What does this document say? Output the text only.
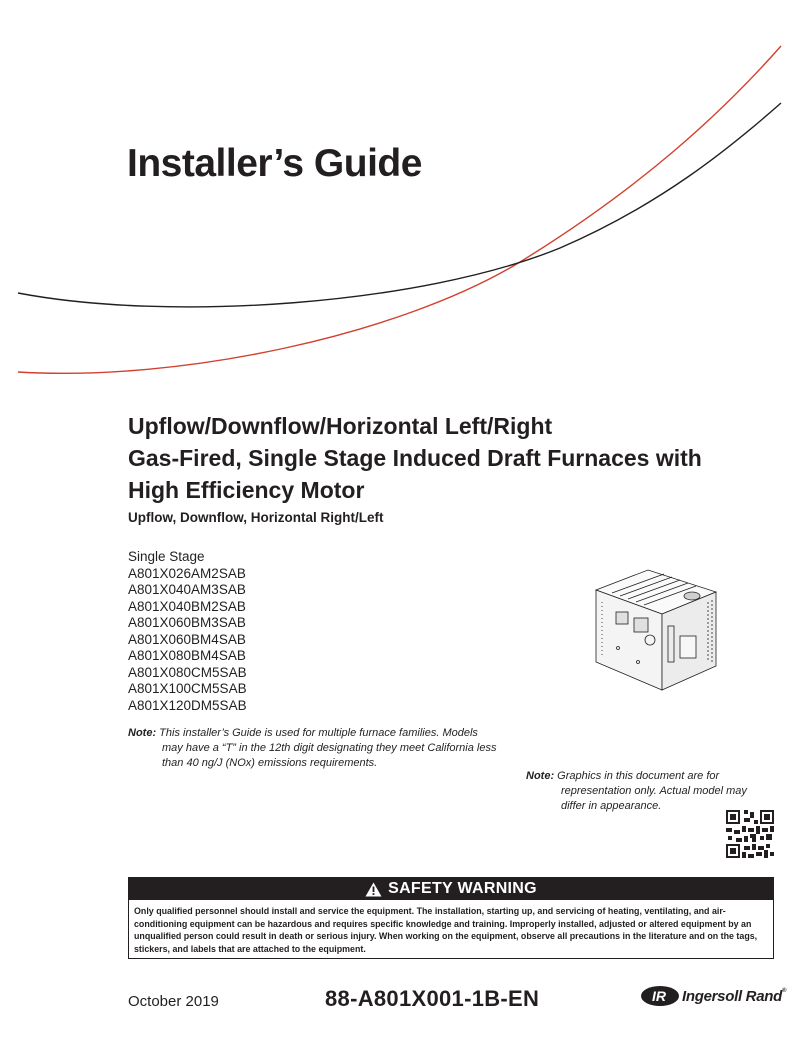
Installer’s Guide
Upflow/Downflow/Horizontal Left/Right
Gas-Fired, Single Stage Induced Draft Furnaces with
High Efficiency Motor
Upflow, Downflow, Horizontal Right/Left
Single Stage
A801X026AM2SAB
A801X040AM3SAB
A801X040BM2SAB
A801X060BM3SAB
A801X060BM4SAB
A801X080BM4SAB
A801X080CM5SAB
A801X100CM5SAB
A801X120DM5SAB
Note: This installer’s Guide is used for multiple furnace families. Models
may have a “T” in the 12th digit designating they meet California less
than 40 ng/J (NOx) emissions requirements.
Note: Graphics in this document are for
representation only. Actual model may
differ in appearance.
SAFETY WARNING
Only qualified personnel should install and service the equipment. The installation, starting up, and servicing of heating, ventilating, and air-conditioning equipment can be hazardous and requires specific knowledge and training. Improperly installed, adjusted or altered equipment by an unqualified person could result in death or serious injury. When working on the equipment, observe all precautions in the literature and on the tags, stickers, and labels that are attached to the equipment.
October 2019	88-A801X001-1B-EN	IR Ingersoll Rand®
